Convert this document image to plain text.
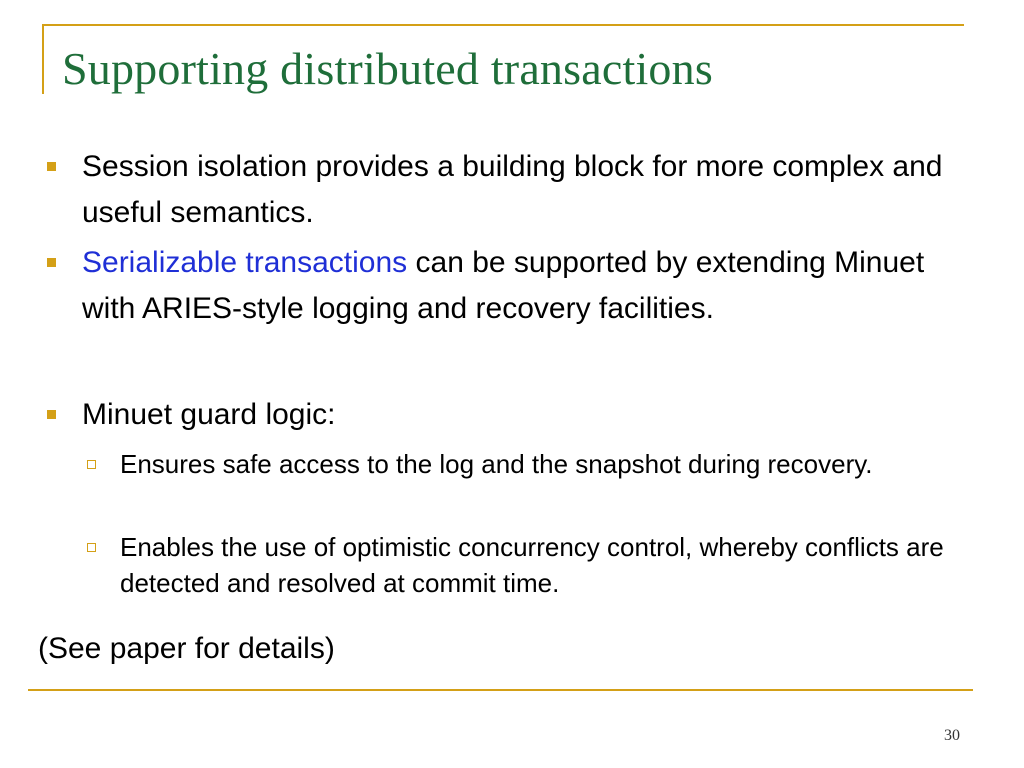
Supporting distributed transactions
Session isolation provides a building block for more complex and useful semantics.
Serializable transactions can be supported by extending Minuet with ARIES-style logging and recovery facilities.
Minuet guard logic:
Ensures safe access to the log and the snapshot during recovery.
Enables the use of optimistic concurrency control, whereby conflicts are detected and resolved at commit time.
(See paper for details)
30
